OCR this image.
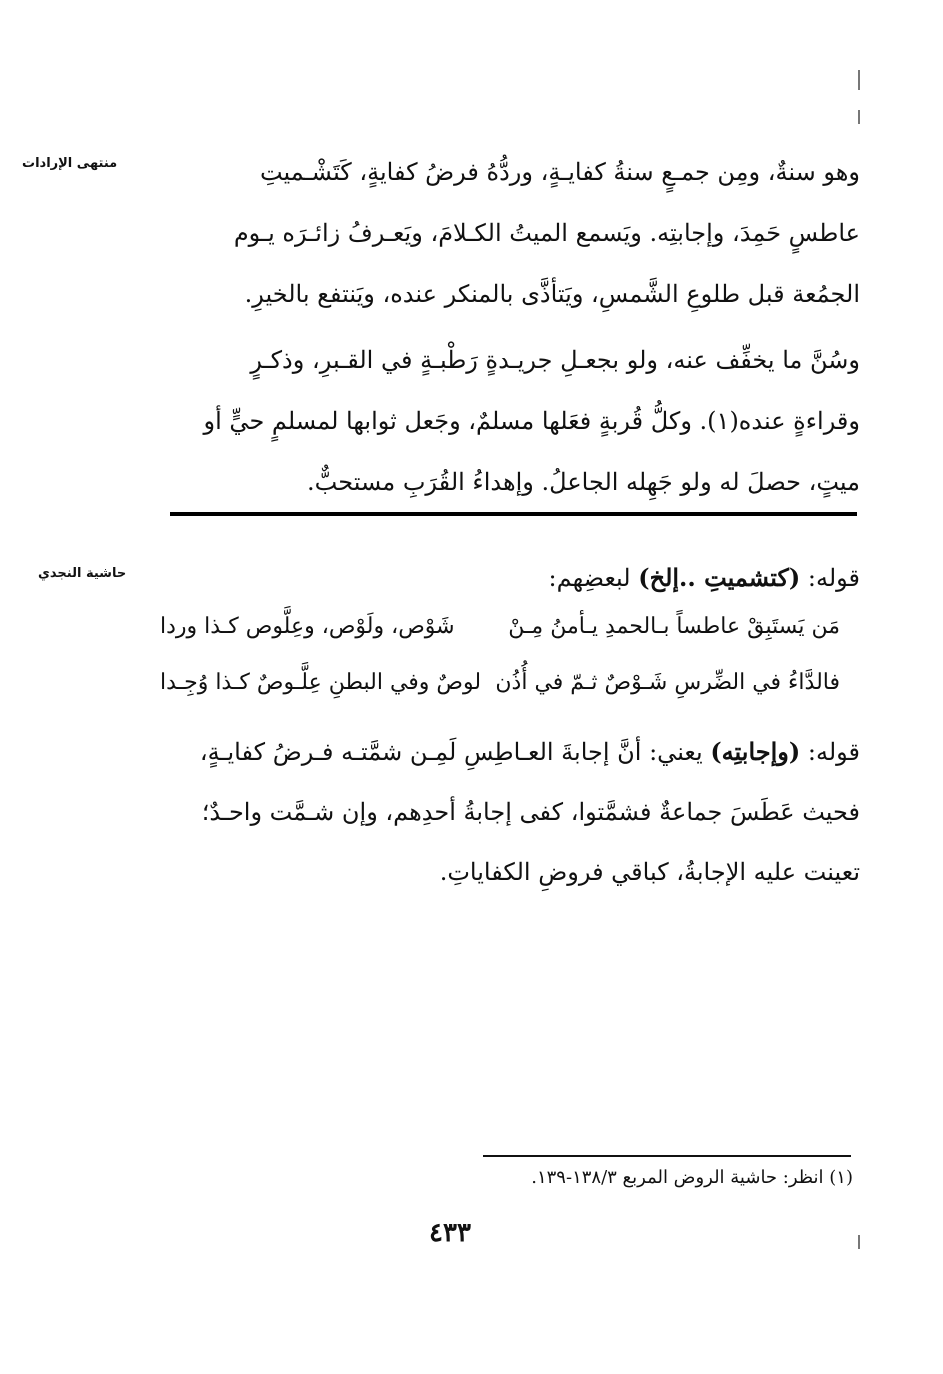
منتهى الإرادات	وهو سنةٌ، ومِن جمـعٍ سنةُ كفايـةٍ، وردُّهُ فرضُ كفايةٍ، كَتَشْـميتِ
عاطسٍ حَمِدَ، وإجابتِه. ويَسمع الميتُ الكـلامَ، ويَعـرفُ زائـرَه يـوم
الجمُعة قبل طلوعِ الشَّمسِ، ويَتأذَّى بالمنكر عنده، ويَنتفع بالخيرِ.
وسُنَّ ما يخفِّف عنه، ولو بجعـلِ جريـدةٍ رَطْبـةٍ في القـبرِ، وذكـرٍ
وقراءةٍ عنده(١). وكلُّ قُربةٍ فعَلها مسلمٌ، وجَعل ثوابها لمسلمٍ حيٍّ أو
ميتٍ، حصلَ له ولو جَهِله الجاعلُ. وإهداءُ القُرَبِ مستحبٌّ.
حاشية النجدي	قوله: (كتشميتِ ..إلخ) لبعضِهم:
مَن يَستَبِقْ عاطساً بـالحمدِ يـأمنُ مِـنْ
شَوْص، ولَوْص، وعِلَّوص كـذا وردا
فالدَّاءُ في الضِّرسِ شَـوْصٌ ثـمّ في أُذُن
لوصٌ وفي البطنِ عِلَّـوصٌ كـذا وُجِـدا
قوله: (وإجابتِه) يعني: أنَّ إجابةَ العـاطِسِ لَمِـن شمَّتـه فـرضُ كفايـةٍ،
فحيث عَطَسَ جماعةٌ فشمَّتوا، كفى إجابةُ أحدِهم، وإن شـمَّت واحـدٌ؛
تعينت عليه الإجابةُ، كباقي فروضِ الكفاياتِ.
(١) انظر: حاشية الروض المربع ١٣٨/٣-١٣٩.
٤٣٣
